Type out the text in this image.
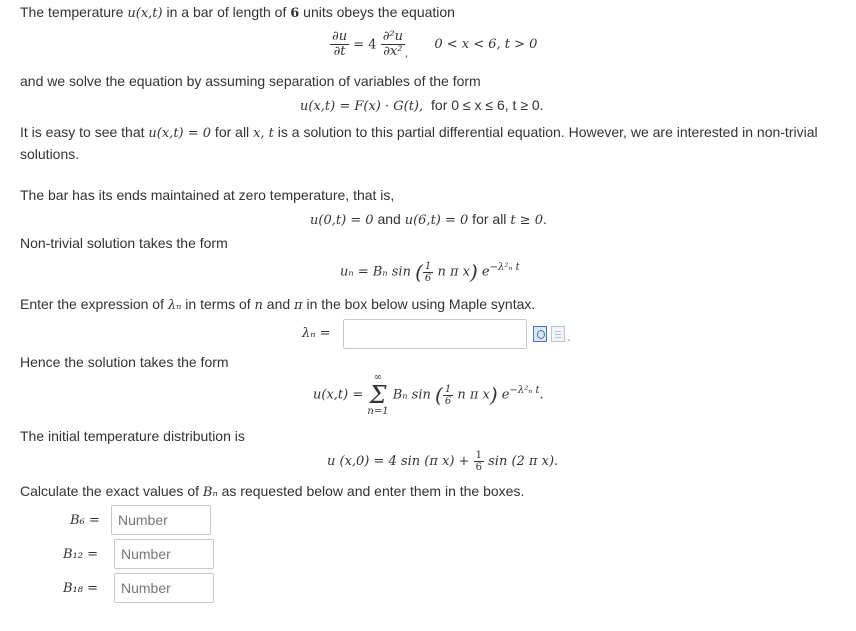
The temperature u(x,t) in a bar of length of 6 units obeys the equation
$\frac{\partial u}{\partial t} = 4 \frac{\text{∂²u}}{\text{∂x²}}$ , 0 < x < 6, t > 0
and we solve the equation by assuming separation of variables of the form
u(x,t) = F(x) · G(t), for 0 ≤ x ≤ 6, t ≥ 0.
It is easy to see that u(x,t) = 0 for all x, t is a solution to this partial differential equation. However, we are interested in non-trivial
solutions.
The bar has its ends maintained at zero temperature, that is,
u(0,t) = 0 and u(6,t) = 0 for all t ≥ 0.
Non-trivial solution takes the form
uₙ = Bₙ sin ( $\frac{1}{6}$ n π x) $e^{-\lambda^2_n t}$
Enter the expression of λₙ in terms of n and π in the box below using Maple syntax.
λₙ =	.
Hence the solution takes the form
u(x,t) =
∞
Σ
n=1
Bₙ sin ( $\frac{1}{6}$ n π x) $e^{-\lambda^2_n t}$.
The initial temperature distribution is
u (x,0) = 4 sin (π $x) + \frac{1}{6}$ sin (2 π x).
Calculate the exact values of Bₙ as requested below and enter them in the boxes.
B₆ =	Number
B₁₂ =	Number
B₁₈ =	Number
